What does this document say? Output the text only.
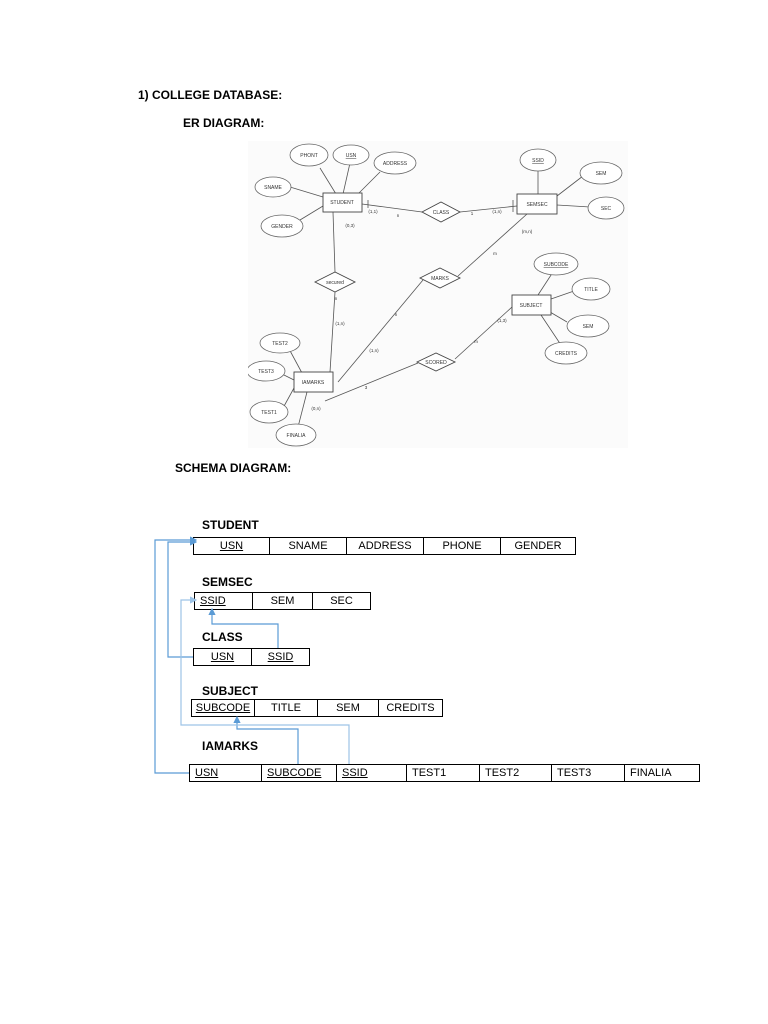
1) COLLEGE DATABASE:
ER DIAGRAM:
SCHEMA DIAGRAM:
STUDENT	SEMSEC
SUBJECT
IAMARKS
CLASS
secured
MARKS
SCORED
PHONT	USN
ADDRESS
SNAME
GENDER
SSID
SEM
SEC
SUBCODE
TITLE
SEM
CREDITS
TEST2
TEST3
TEST1
FINALIA
(1,1)
n	1	(1,n)
(0,3)
n
(m,n)
m
n
(1,n)
(1,n)
(1,3)
m
3
(0,n)
STUDENT
USN	SNAME	ADDRESS	PHONE	GENDER
SEMSEC
SSID	SEM	SEC
CLASS
USN	SSID
SUBJECT
SUBCODE	TITLE	SEM	CREDITS
IAMARKS
USN	SUBCODE	SSID	TEST1	TEST2	TEST3	FINALIA
